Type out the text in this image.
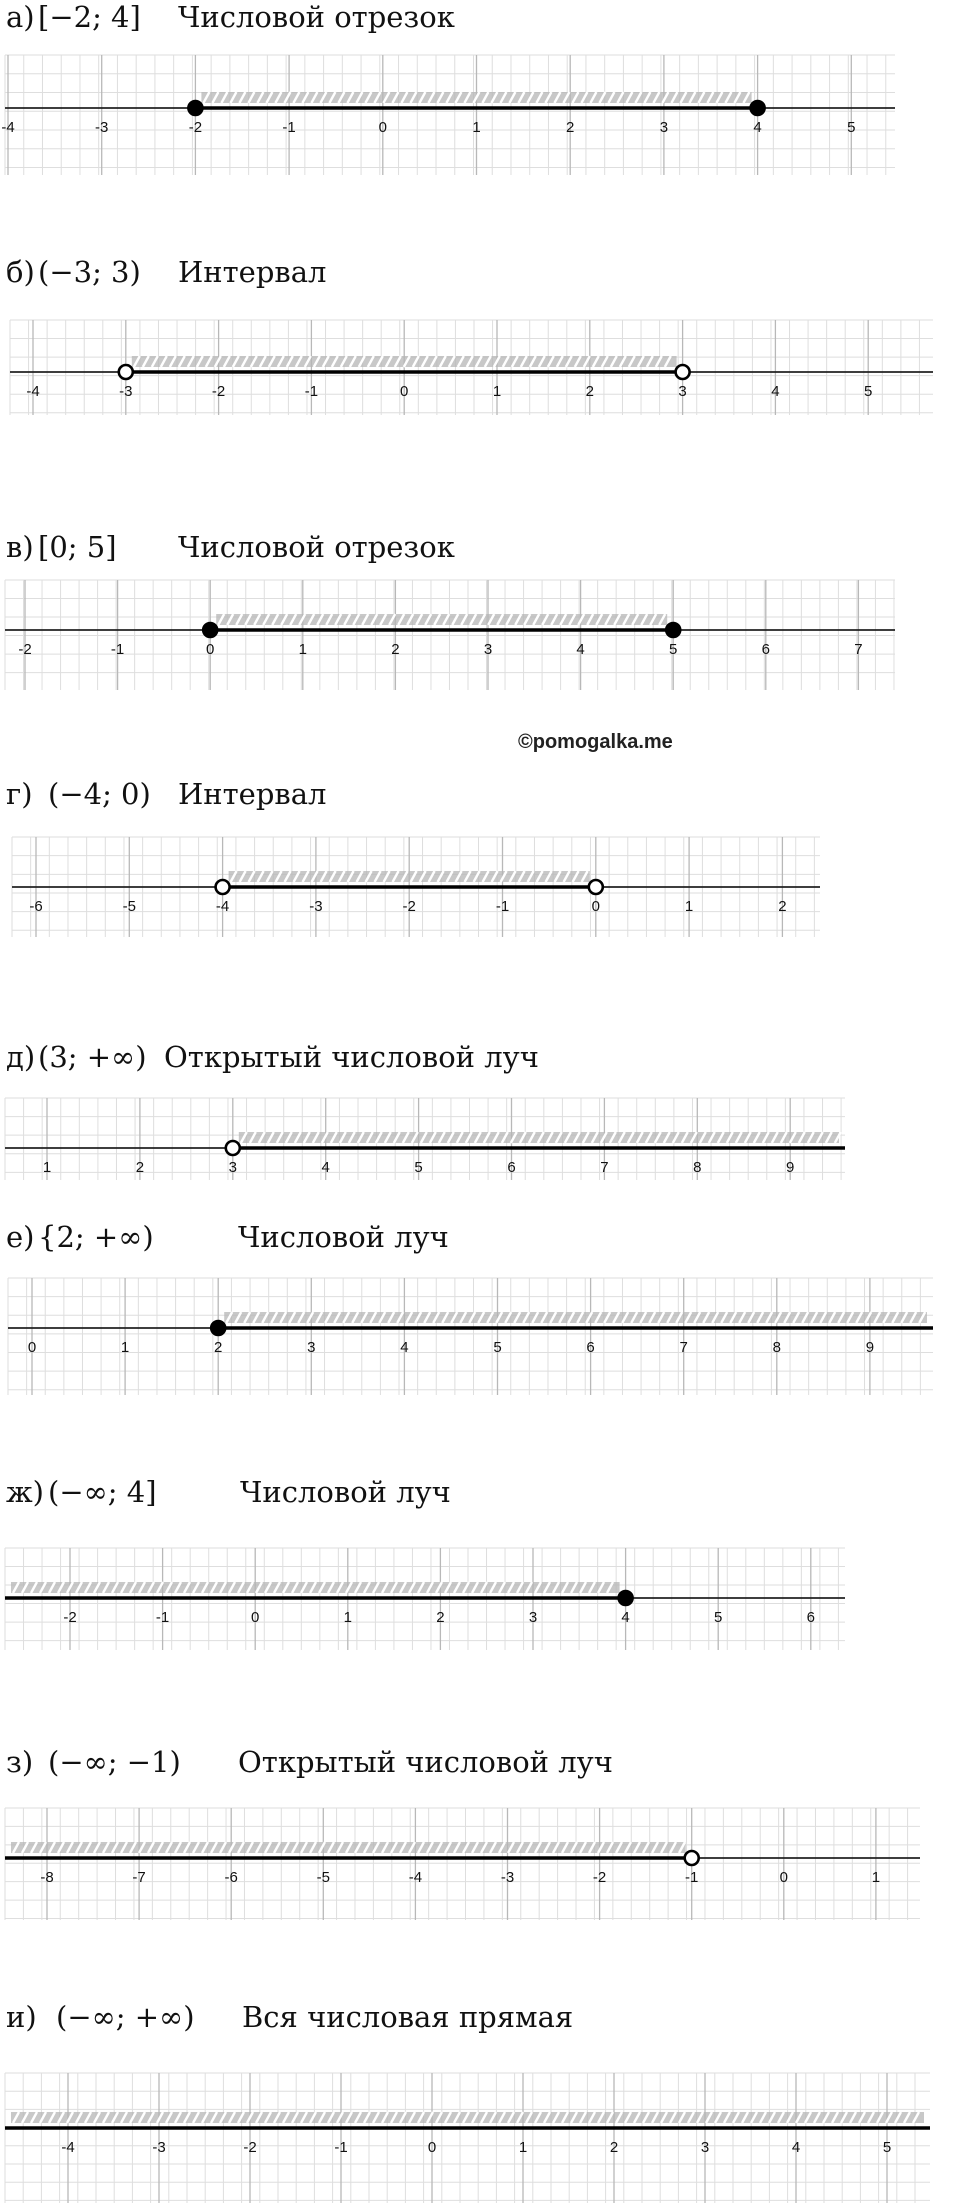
а) [−2; 4] Числовой отрезок
-4	-3	-2	-1	0	1	2	3	4	5
б) (−3; 3) Интервал
-4	-3	-2	-1	0	1	2	3	4	5
в) [0; 5] Числовой отрезок
-2	-1	0	1	2	3	4	5	6	7
©pomogalka.me
г) (−4; 0) Интервал
-6	-5	-4	-3	-2	-1	0	1	2
д) (3; +∞) Открытый числовой луч
1	2	3	4	5	6	7	8	9
е) {2; +∞)	Числовой луч
0	1	2	3	4	5	6	7	8	9
ж) (−∞; 4]	Числовой луч
-2	-1	0	1	2	3	4	5	6
з) (−∞; −1) Открытый числовой луч
-8	-7	-6	-5	-4	-3	-2	-1	0	1
и) (−∞; +∞) Вся числовая прямая
-4	-3	-2	-1	0	1	2	3	4	5
